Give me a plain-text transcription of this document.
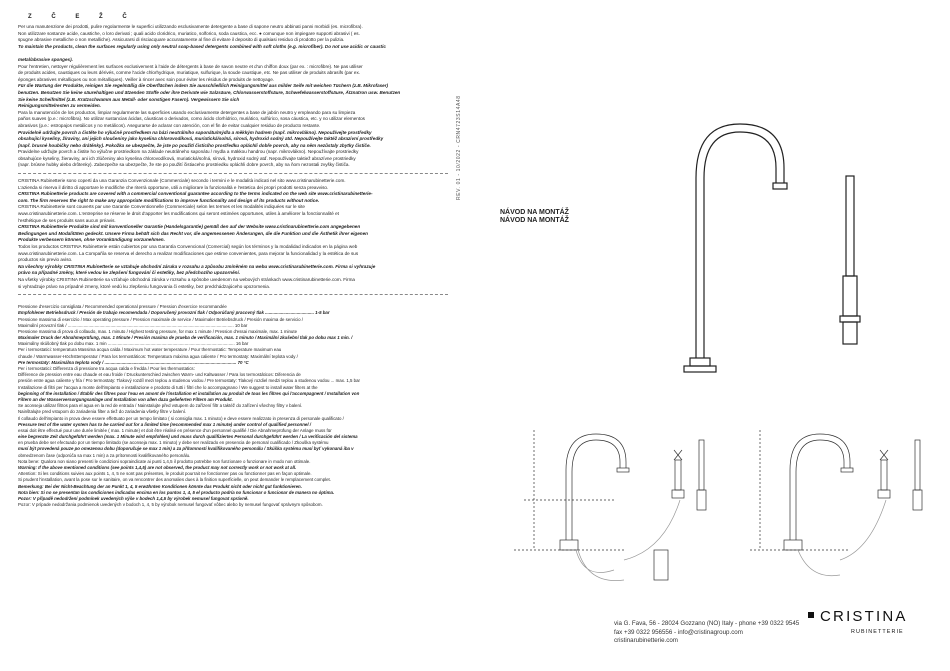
Z Č E Ž Č
Per una manutenzione dei prodotti, pulire regolarmente le superfici utilizzando esclusivamente detergente a base di sapone neutro abbinati panni morbidi (es. microfibra).
Non utilizzare sostanze acide, caustiche, o loro derivati ; quali acido cloridrico, muriatico, solforico, soda caustica, ecc. ● comunque non impiegare supporti abrasivi ( es.
spugne abrasive metalliche o non metalliche). Assicurarsi di risciacquare accuratamente al fine di evitare il deposito di qualsiasi residuo di prodotto per la pulizia.
To maintain the products, clean the surfaces regularly using only neutral soap-based detergents combined with soft cloths (e.g. microfiber). Do not use acidic or caustic
metal/abrasive sponges).
Pour l'entretien, nettoyer régulièrement les surfaces exclusivement à l'aide de détergents à base de savon neutre et d'un chiffon doux (par ex. : microfibre). Ne pas utiliser
de produits acides, caustiques ou leurs dérivés, comme l'acide chlorhydrique, muriatique, sulfurique, la soude caustique, etc. Ne pas utiliser de produits abrasifs (par ex.
éponges abrasives métalliques ou non métalliques). Veiller à rincer avec soin pour éviter les résidus de produits de nettoyage.
Für die Wartung der Produkte, reinigen Sie regelmäßig die Oberflächen indem Sie ausschließlich Reinigungsmittel aus milder Seife mit weichen Tüchern (z.B. Mikrofaser)
benutzen. Benutzen Sie keine säurehaltigen und ätzenden Stoffe oder ihre Derivate wie Salzsäure, Chlorwasserstoffsäure, Schwefelwasserstoffsäure, Ätznatron usw. Benutzen
Sie keine Scheifmittel (z.B. Kratzschwamm aus Metall- oder sonstigen Fasern). Vergewissern Sie sich
Reinigungsmittelresten zu vermeiden.
Para la manutención de los productos, limpiar regularmente las superficies usando exclusivamente detergentes a base de jabón neutro y empleando para su limpieza
paños suaves (p.e.: microfibra). No utilizar sustancias ácidas, cáusticas o derivados, como ácido clorhídrico, muriático, sulfúrico, sosa cáustica, etc. y no utilizar elementos
abrasivos (p.e.: estropajos metálicos y no metálicos). Asegurarse de aclarar con atención, con el fin de evitar cualquier residuo de producto restante.
Pravidelně udržujte povrch a čistěte ho výlučně prostředkem na bázi neutrálního saponátu/mýdla a měkkým hadrem (např. mikrovlákno). Nepoužívejte prostředky
obsahující kyseliny, žíraviny, ani jejich sloučeniny jako kyselina chlorovodíková, muriatická/solná, sírová, hydroxid sodný atd. Nepoužívejte taktéž abrazivní prostředky
(např. brusné houbičky nebo drátěnky). Pokožka se ubezpečte, že jste po použití čisticího prostředku opláchli dobře povrch, aby na něm nezůstaly zbytky čističe.
Pravidelne udržujte povrch a čistite ho výlučne prostriedkom na základe neutrálneho saponátu / mydla a mäkkou handrou (napr. mikrovlákno). Nepoužívajte prostriedky
obsahujúce kyseliny, žieraviny, ani ich zlúčeniny ako kyselina chlorovodíková, muriatická/soľná, sírová, hydroxid sodný atď. Nepoužívajte taktiež abrazívne prostriedky
(napr. brúsne hubky alebo drôtenky). Zabezpečte sa ubezpečte, že ste po použití čistiaceho prostriedku opláchli dobre povrch, aby na ňom nezostali zvyšky čističa.
CRISTINA Rubinetterie sono coperti da una Garanzia Convenzionale (Commerciale) secondo i termini e le modalità indicati nel sito www.cristinarubinetterie.com.
L'azienda si riserva il diritto di apportare le modifiche che riterrà opportune, utili a migliorare la funzionalità e l'estetica dei propri prodotti senza preavviso.
CRISTINA Rubinetterie products are covered with a commercial conventional guarantee according to the terms indicated on the web site www.cristinarubinetterie-
com. The firm reserves the right to make any appropriate modifications to improve functionality and design of its products without notice.
CRISTINA Rubinetterie sont couverts par une Garantie Conventionnelle (Commerciale) selon les termes et les modalités indiquées sur le site
www.cristinarubinetterie.com. L'entreprise se réserve le droit d'apporter les modifications qui seront estimées opportunes, utiles à améliorer la fonctionnalité et
l'esthétique de ses produits sans aucun préavis.
CRISTINA Rubinetterie Produkte sind mit konventioneller Garantie (Handelsgarantie) gemäß den auf der Website www.cristinarubinetterie.com angegebenen
Bedingungen und Modalitäten gedeckt. Unsere Firma behält sich das Recht vor, die angemessenen Änderungen, die die Funktion und die Ästhetik ihrer eigenen
Produkte verbessern können, ohne Vorankündigung vorzunehmen.
Todos los productos CRISTINA Rubinetterie están cubiertos por una Garantía Convencional (Comercial) según los términos y la modalidad indicados en la página web
www.cristinarubinetterie.com. La Compañía se reserva el derecho a realizar modificaciones que estime convenientes, para mejorar la funcionalidad y la estética de sus
productos sin previo aviso.
Na všechny výrobky CRISTINA Rubinetterie se vztahuje obchodní záruka v rozsahu a způsobu zmíněném na webu www.cristinarubinetterie.com. Firma si vyhrazuje
právo na případné změny, které vedou ke zlepšení fungování či estetiky, bez předchozího upozornění.
Na všetky výrobky CRISTINA Rubinetterie sa vzťahuje obchodná záruka v rozsahu a spôsobe uvedenom na webových stránkach www.cristinarubinetterie.com. Firma
si vyhradzuje právo na prípadné zmeny, ktoré vedú ku zlepšeniu fungovania či estetiky, bez predchádzajúceho upozornenia.
Pressione d'esercizio consigliata / Recommended operational pressure / Pression d'exercice recommandée
Empfohlener Betriebsdruck / Presión de trabajo recomendada / Doporučený provozní tlak / Odporúčaný pracovný tlak ........................................ 1-5 bar
Pressione massima di esercizio / Max operating pressure / Pression maximale de service / Maximaler Betriebsdruck / Presión maxima de servicio /
Maximální provozní tlak / ........................................................................................................................................ 10 bar
Pressione massima di prova di collaudo, max. 1 minuto / Highest testing pressure, for max 1 minute / Pression d'essai maximale, max. 1 minute
Maximaler Druck der Abnahmeprüfung, max. 1 Minute / Presión maxima de prueba de verificación, max. 1 minuto / Maximální zkušební tlak po dobu max 1 min. /
Maximálny skúšobný tlak po dobu max. 1 min ........................................................................................................ 16 bar
Per i termostatici: temperatura Massima acqua calda / Maximum hot water temperature / Pour thermostatic: Temperature maximum eau
chaude / Warmwasser-Höchsttemperatur / Para los termostáticos: Temperatura máxima agua caliente / Pro termostaty: Maximální teplota vody /
Pre termostaty: Maximálna teplota vody / ............................................................................................................ 70 °C
Per i termostatici: Differenza di pressione tra acqua calda e fredda / Pour les thermostatics:
Différence de pression entre eau chaude et eau froide / Druckunterschied zwischen Warm- und Kaltwasser / Para los termostáticos: Diferencia de
presión entre agua caliente y fría / Pro termostaty: Tlakový rozdíl mezi teplou a studenou vodou / Pre termostaty: Tlakový rozdiel medzi teplou a studenou vodou ... max. 1,5 bar
Installazione di filtri per l'acqua a monte dell'impianto e installazione e prodotto di tutti i filtri che lo accompagnano / We suggest to install water filters at the
beginning of the installation / Établir des filtres pour l'eau en amont de l'installation et installation au produit de tous les filtres qui l'accompagnent / Installation von
Filtern an der Wasserversorgungsanlage und Installation von allen dazu gelieferten Filtern am Produkt.
Se aconseja utilizar filtros para el agua en la red de entrada / Nainstalujte před vstupem do zařízení filtr a taktéž do zařízení všechny filtry v balení.
Nainštalujte pred vstupom do zariadenia filter a tiež do zariadenia všetky filtre v balení.
Il collaudo dell'impianto in prova deve essere effettuato per un tempo limitato ( si consiglia max. 1 minuto) e deve essere realizzato in presenza di personale qualificato /
Pressure test of the water system has to be carried out for a limited time (recommended max 1 minute) under control of qualified personnel /
essai doit être effectué pour une durée limitée ( max. 1 minute) et doit être réalisé en présence d'un personnel qualifié / Die Abnahmeprüfung der Anlage muss für
eine begrenzte Zeit durchgeführt werden (max. 1 Minute wird empfohlen) und muss durch qualifiziertes Personal durchgeführt werden / La verificación del sistema
en prueba debe ser efectuado por un tiempo limitado (se aconseja max. 1 minuto) y debe ser realizado en presencia de personal cualificado / Zkouška systému
musí být provedená pouze po omezenou dobu (doporučuje se max 1 min) a za přítomnosti kvalifikovaného personálu / Skúška systému musí byť vykonaná iba v
obmedzenom čase (odporúča sa max 1 min) a za prítomnosti kvalifikovaného personálu.
Nota bene: Qualora non siano presenti le condizioni sopraindicate ai punti 1,4,5 il prodotto potrebbe non funzionare o funzionare in modo non ottimale.
Warning: If the above mentioned conditions (see points 1,4,5) are not observed, the product may not correctly work or not work at all.
Attention: Si les conditions suivies aux points 1, 4, 5 ne sont pas présentes, le produit pourrait ne fonctionner pas ou fonctionner pas en façon optimale.
Si prudent l'installation, avant la pose sur le sanitaire, on va rencontrer des anomalies dues à la finition superficielle, on peut demander le remplacement complet.
Bemerkung: Bei der Nicht-Beachtung der an Punkt 1, 4, 5 erwähnten Konditionen könnte das Produkt nicht oder nicht gut funktionieren.
Nota bien: Si no se presentan las condiciones indicadas encima en los puntos 1, 4, 5 el producto podría no funcionar o funcionar de manera no óptima.
Pozor: V případě nedodržení podmínek uvedených výše v bodech 1,4,5 by výrobek nemusel fungovat správně.
Pozor: V prípade nedodržania podmienok uvedených v bodoch 1, 4, 5 by výrobok nemusel fungovať vôbec alebo by nemusel fungovať správnym spôsobom.
REV. 01 - 10/2022 - CRN4723S14A48
NÁVOD NA MONTÁŽ
NÁVOD NA MONTÁŽ
via G. Fava, 56 - 28024 Gozzano (NO) Italy - phone +39 0322 9545
fax +39 0322 956556 - info@cristinagroup.com
cristinarubinetterie.com
CRISTINA
RUBINETTERIE
